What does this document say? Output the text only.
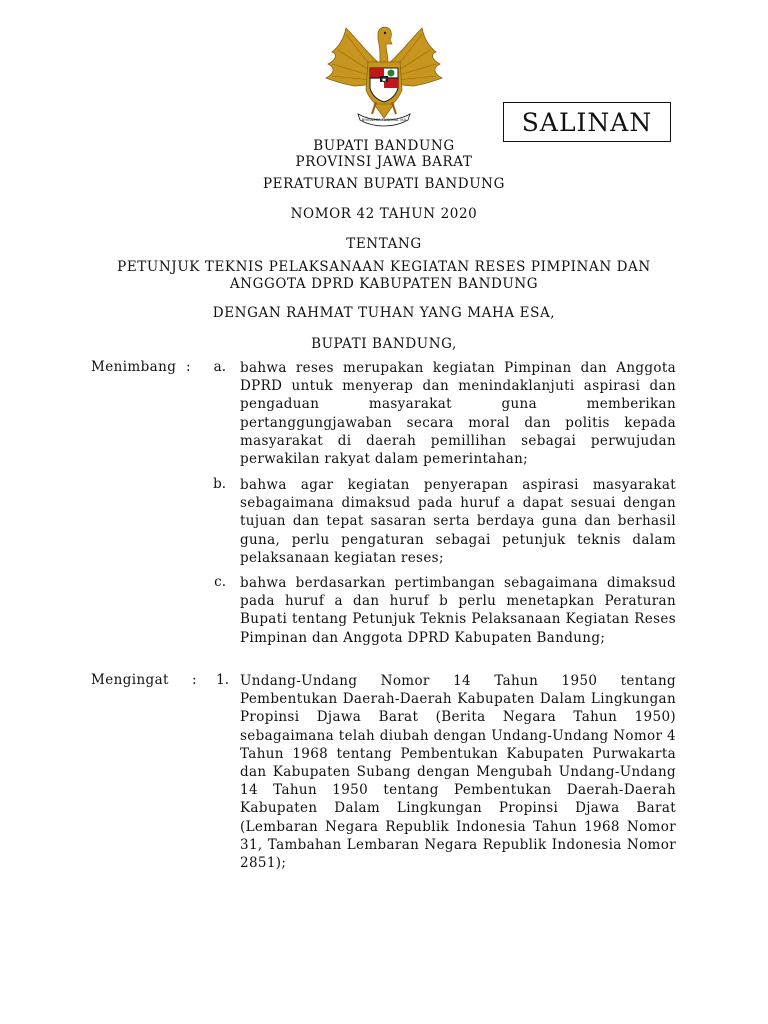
BHINNEKA TUNGGAL IKA	SALINAN
BUPATI BANDUNG
PROVINSI JAWA BARAT
PERATURAN BUPATI BANDUNG
NOMOR 42 TAHUN 2020
TENTANG
PETUNJUK TEKNIS PELAKSANAAN KEGIATAN RESES PIMPINAN DAN
ANGGOTA DPRD KABUPATEN BANDUNG
DENGAN RAHMAT TUHAN YANG MAHA ESA,
BUPATI BANDUNG,
Menimbang :	a. bahwa reses merupakan kegiatan Pimpinan dan Anggota DPRD untuk menyerap dan menindaklanjuti aspirasi dan pengaduan masyarakat guna memberikan pertanggungjawaban secara moral dan politis kepada masyarakat di daerah pemillihan sebagai perwujudan perwakilan rakyat dalam pemerintahan;
b. bahwa agar kegiatan penyerapan aspirasi masyarakat sebagaimana dimaksud pada huruf a dapat sesuai dengan tujuan dan tepat sasaran serta berdaya guna dan berhasil guna, perlu pengaturan sebagai petunjuk teknis dalam pelaksanaan kegiatan reses;
c. bahwa berdasarkan pertimbangan sebagaimana dimaksud pada huruf a dan huruf b perlu menetapkan Peraturan Bupati tentang Petunjuk Teknis Pelaksanaan Kegiatan Reses Pimpinan dan Anggota DPRD Kabupaten Bandung;
Mengingat :	1. Undang-Undang Nomor 14 Tahun 1950 tentang Pembentukan Daerah-Daerah Kabupaten Dalam Lingkungan Propinsi Djawa Barat (Berita Negara Tahun 1950) sebagaimana telah diubah dengan Undang-Undang Nomor 4 Tahun 1968 tentang Pembentukan Kabupaten Purwakarta dan Kabupaten Subang dengan Mengubah Undang-Undang 14 Tahun 1950 tentang Pembentukan Daerah-Daerah Kabupaten Dalam Lingkungan Propinsi Djawa Barat (Lembaran Negara Republik Indonesia Tahun 1968 Nomor 31, Tambahan Lembaran Negara Republik Indonesia Nomor 2851);
